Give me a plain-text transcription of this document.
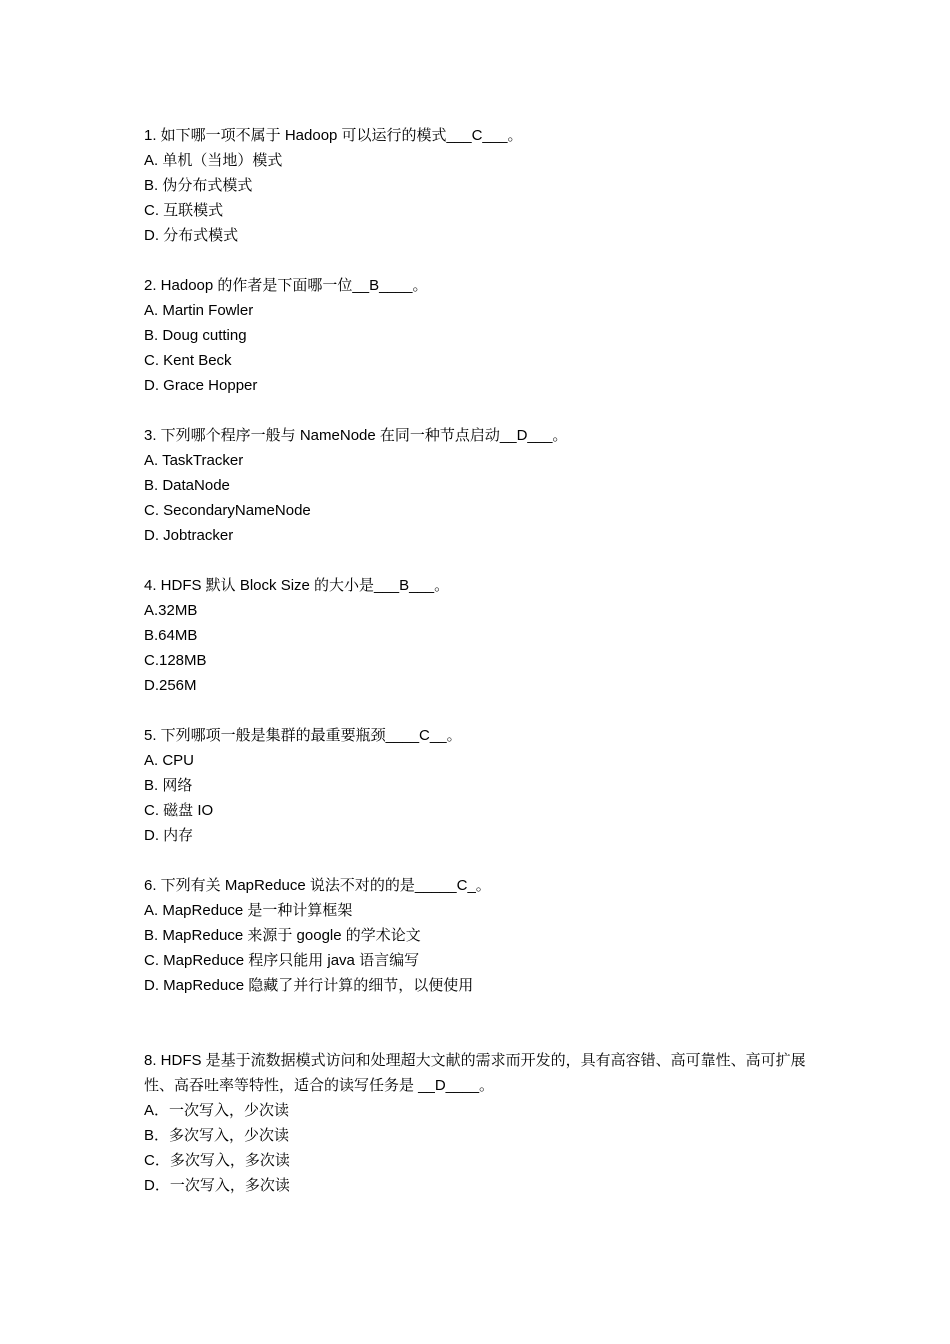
1. 如下哪一项不属于 Hadoop 可以运行的模式___C___。
A. 单机（当地）模式
B. 伪分布式模式
C. 互联模式
D. 分布式模式
2. Hadoop 的作者是下面哪一位__B____。
A. Martin Fowler
B. Doug cutting
C. Kent Beck
D. Grace Hopper
3. 下列哪个程序一般与 NameNode 在同一种节点启动__D___。
A. TaskTracker
B. DataNode
C. SecondaryNameNode
D. Jobtracker
4. HDFS 默认 Block Size 的大小是___B___。
A.32MB
B.64MB
C.128MB
D.256M
5. 下列哪项一般是集群的最重要瓶颈____C__。
A. CPU
B. 网络
C. 磁盘 IO
D. 内存
6. 下列有关 MapReduce 说法不对的的是_____C_。
A. MapReduce 是一种计算框架
B. MapReduce 来源于 google 的学术论文
C. MapReduce 程序只能用 java 语言编写
D. MapReduce 隐藏了并行计算的细节，以便使用
8. HDFS 是基于流数据模式访问和处理超大文献的需求而开发的，具有高容错、高可靠性、高可扩展性、高吞吐率等特性，适合的读写任务是 __D____。
A．一次写入，少次读
B．多次写入，少次读
C．多次写入，多次读
D．一次写入，多次读
